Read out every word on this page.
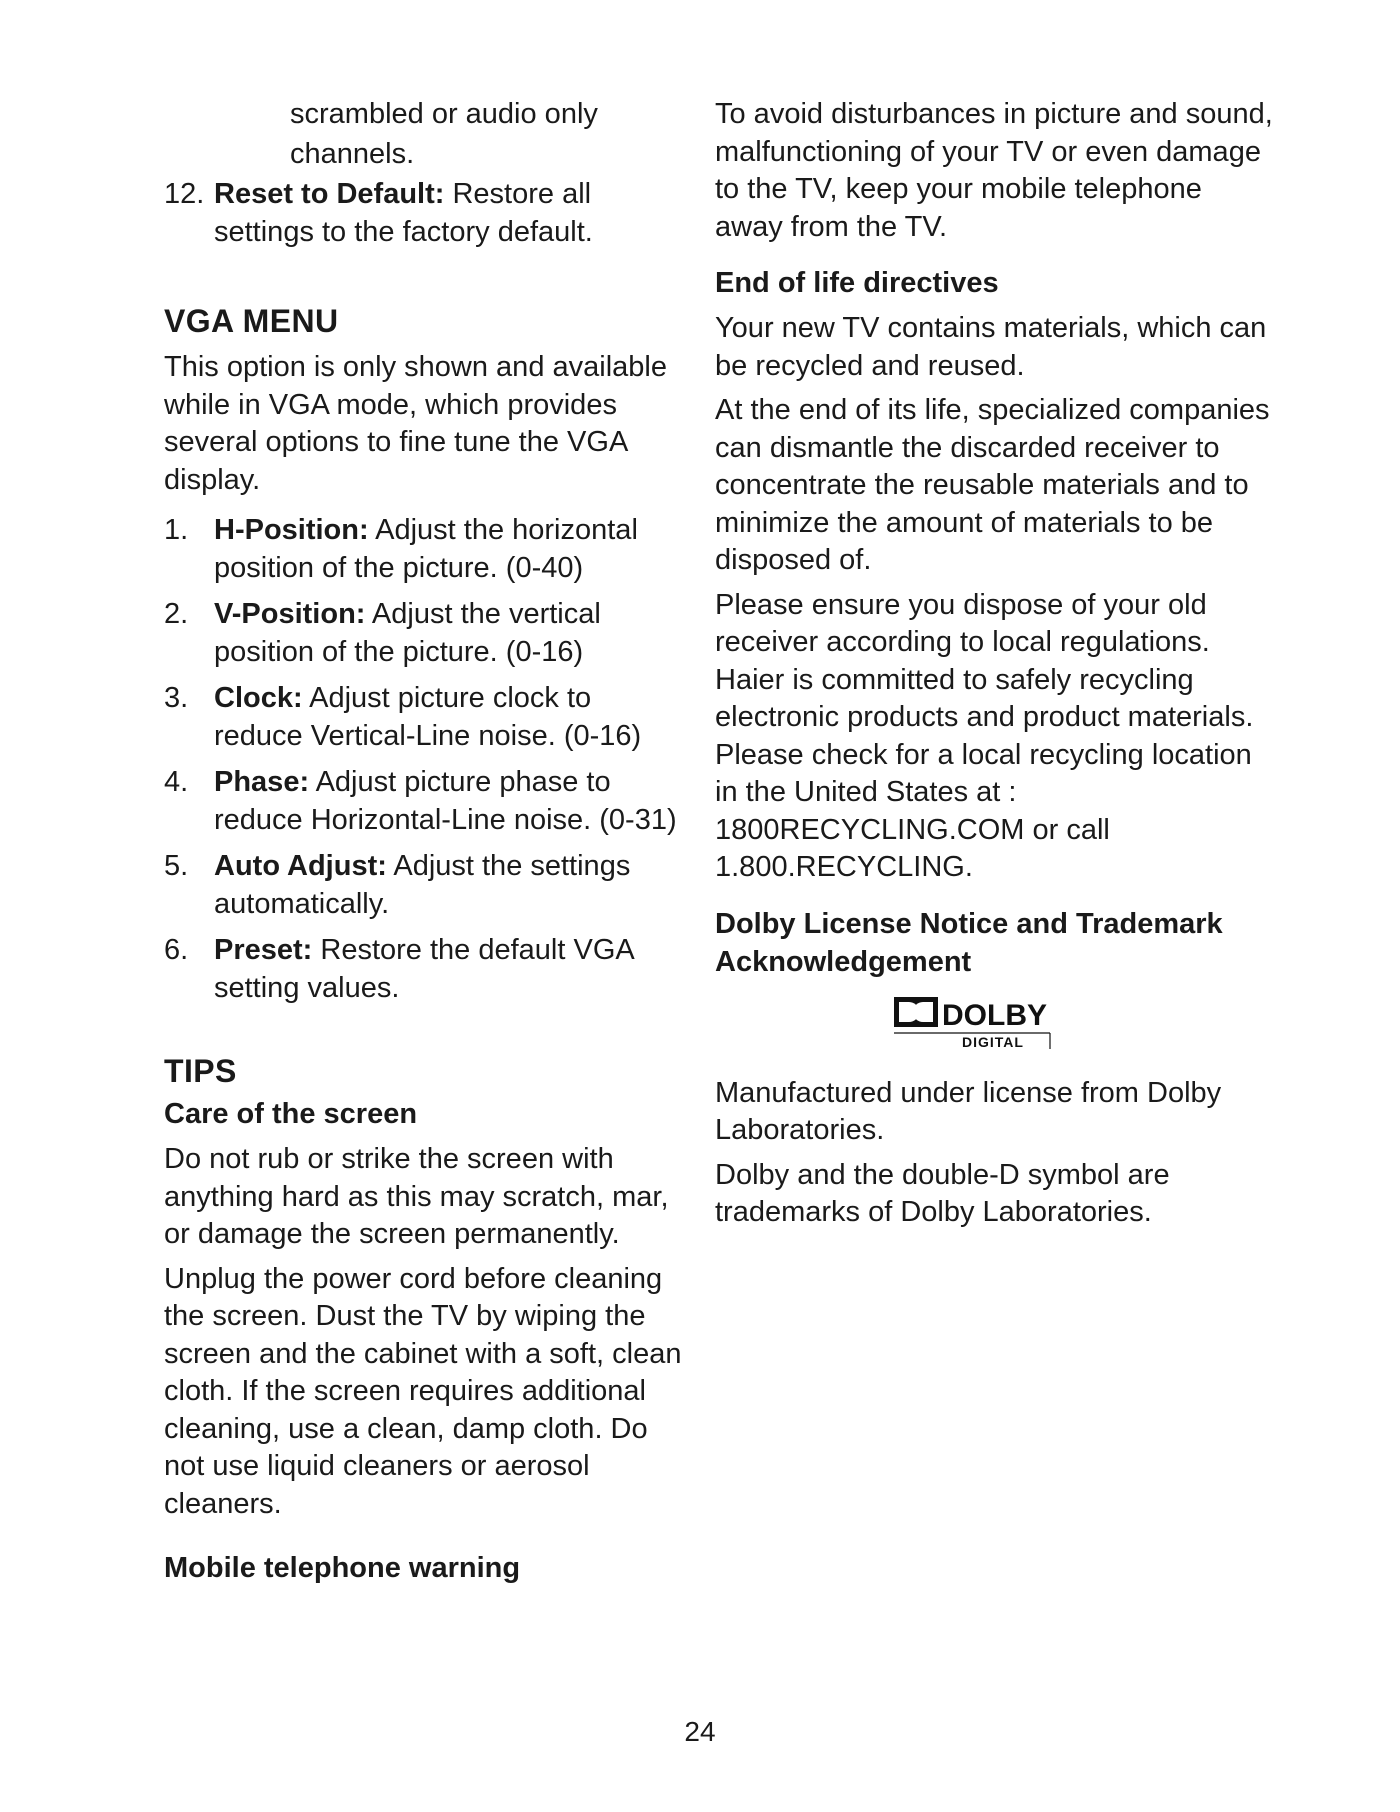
scrambled or audio only

channels.

12. Reset to Default: Restore all settings to the factory default.
VGA MENU

This option is only shown and available while in VGA mode, which provides several options to fine tune the VGA display.

1. H-Position: Adjust the horizontal position of the picture. (0-40)
2. V-Position: Adjust the vertical position of the picture. (0-16)
3. Clock: Adjust picture clock to reduce Vertical-Line noise. (0-16)
4. Phase: Adjust picture phase to reduce Horizontal-Line noise. (0-31)
5. Auto Adjust: Adjust the settings automatically.
6. Preset: Restore the default VGA setting values.
TIPS
Care of the screen

Do not rub or strike the screen with anything hard as this may scratch, mar, or damage the screen permanently.

Unplug the power cord before cleaning the screen. Dust the TV by wiping the screen and the cabinet with a soft, clean cloth. If the screen requires additional cleaning, use a clean, damp cloth. Do not use liquid cleaners or aerosol cleaners.

Mobile telephone warning

To avoid disturbances in picture and sound, malfunctioning of your TV or even damage to the TV, keep your mobile telephone away from the TV.

End of life directives

Your new TV contains materials, which can be recycled and reused.

At the end of its life, specialized companies can dismantle the discarded receiver to concentrate the reusable materials and to minimize the amount of materials to be disposed of.

Please ensure you dispose of your old receiver according to local regulations. Haier is committed to safely recycling electronic products and product materials. Please check for a local recycling location in the United States at : 1800RECYCLING.COM or call 1.800.RECYCLING.

Dolby License Notice and Trademark Acknowledgement
DOLBY
DIGITAL

Manufactured under license from Dolby Laboratories.

Dolby and the double-D symbol are trademarks of Dolby Laboratories.

24
